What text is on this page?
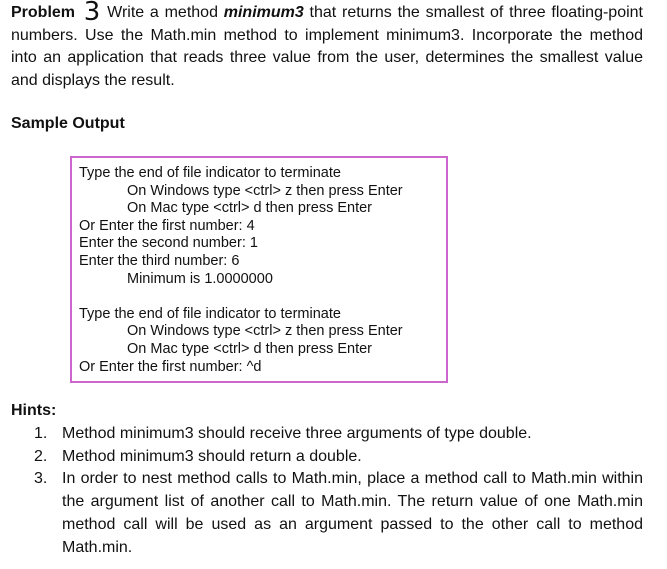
Problem 3 Write a method minimum3 that returns the smallest of three floating-point numbers. Use the Math.min method to implement minimum3. Incorporate the method into an application that reads three value from the user, determines the smallest value and displays the result.
Sample Output
Type the end of file indicator to terminate
On Windows type <ctrl> z then press Enter
On Mac type <ctrl> d then press Enter
Or Enter the first number: 4
Enter the second number: 1
Enter the third number: 6
Minimum is 1.0000000
Type the end of file indicator to terminate
On Windows type <ctrl> z then press Enter
On Mac type <ctrl> d then press Enter
Or Enter the first number: ^d
Hints:
1. Method minimum3 should receive three arguments of type double.
2. Method minimum3 should return a double.
3. In order to nest method calls to Math.min, place a method call to Math.min within the argument list of another call to Math.min. The return value of one Math.min method call will be used as an argument passed to the other call to method Math.min.
